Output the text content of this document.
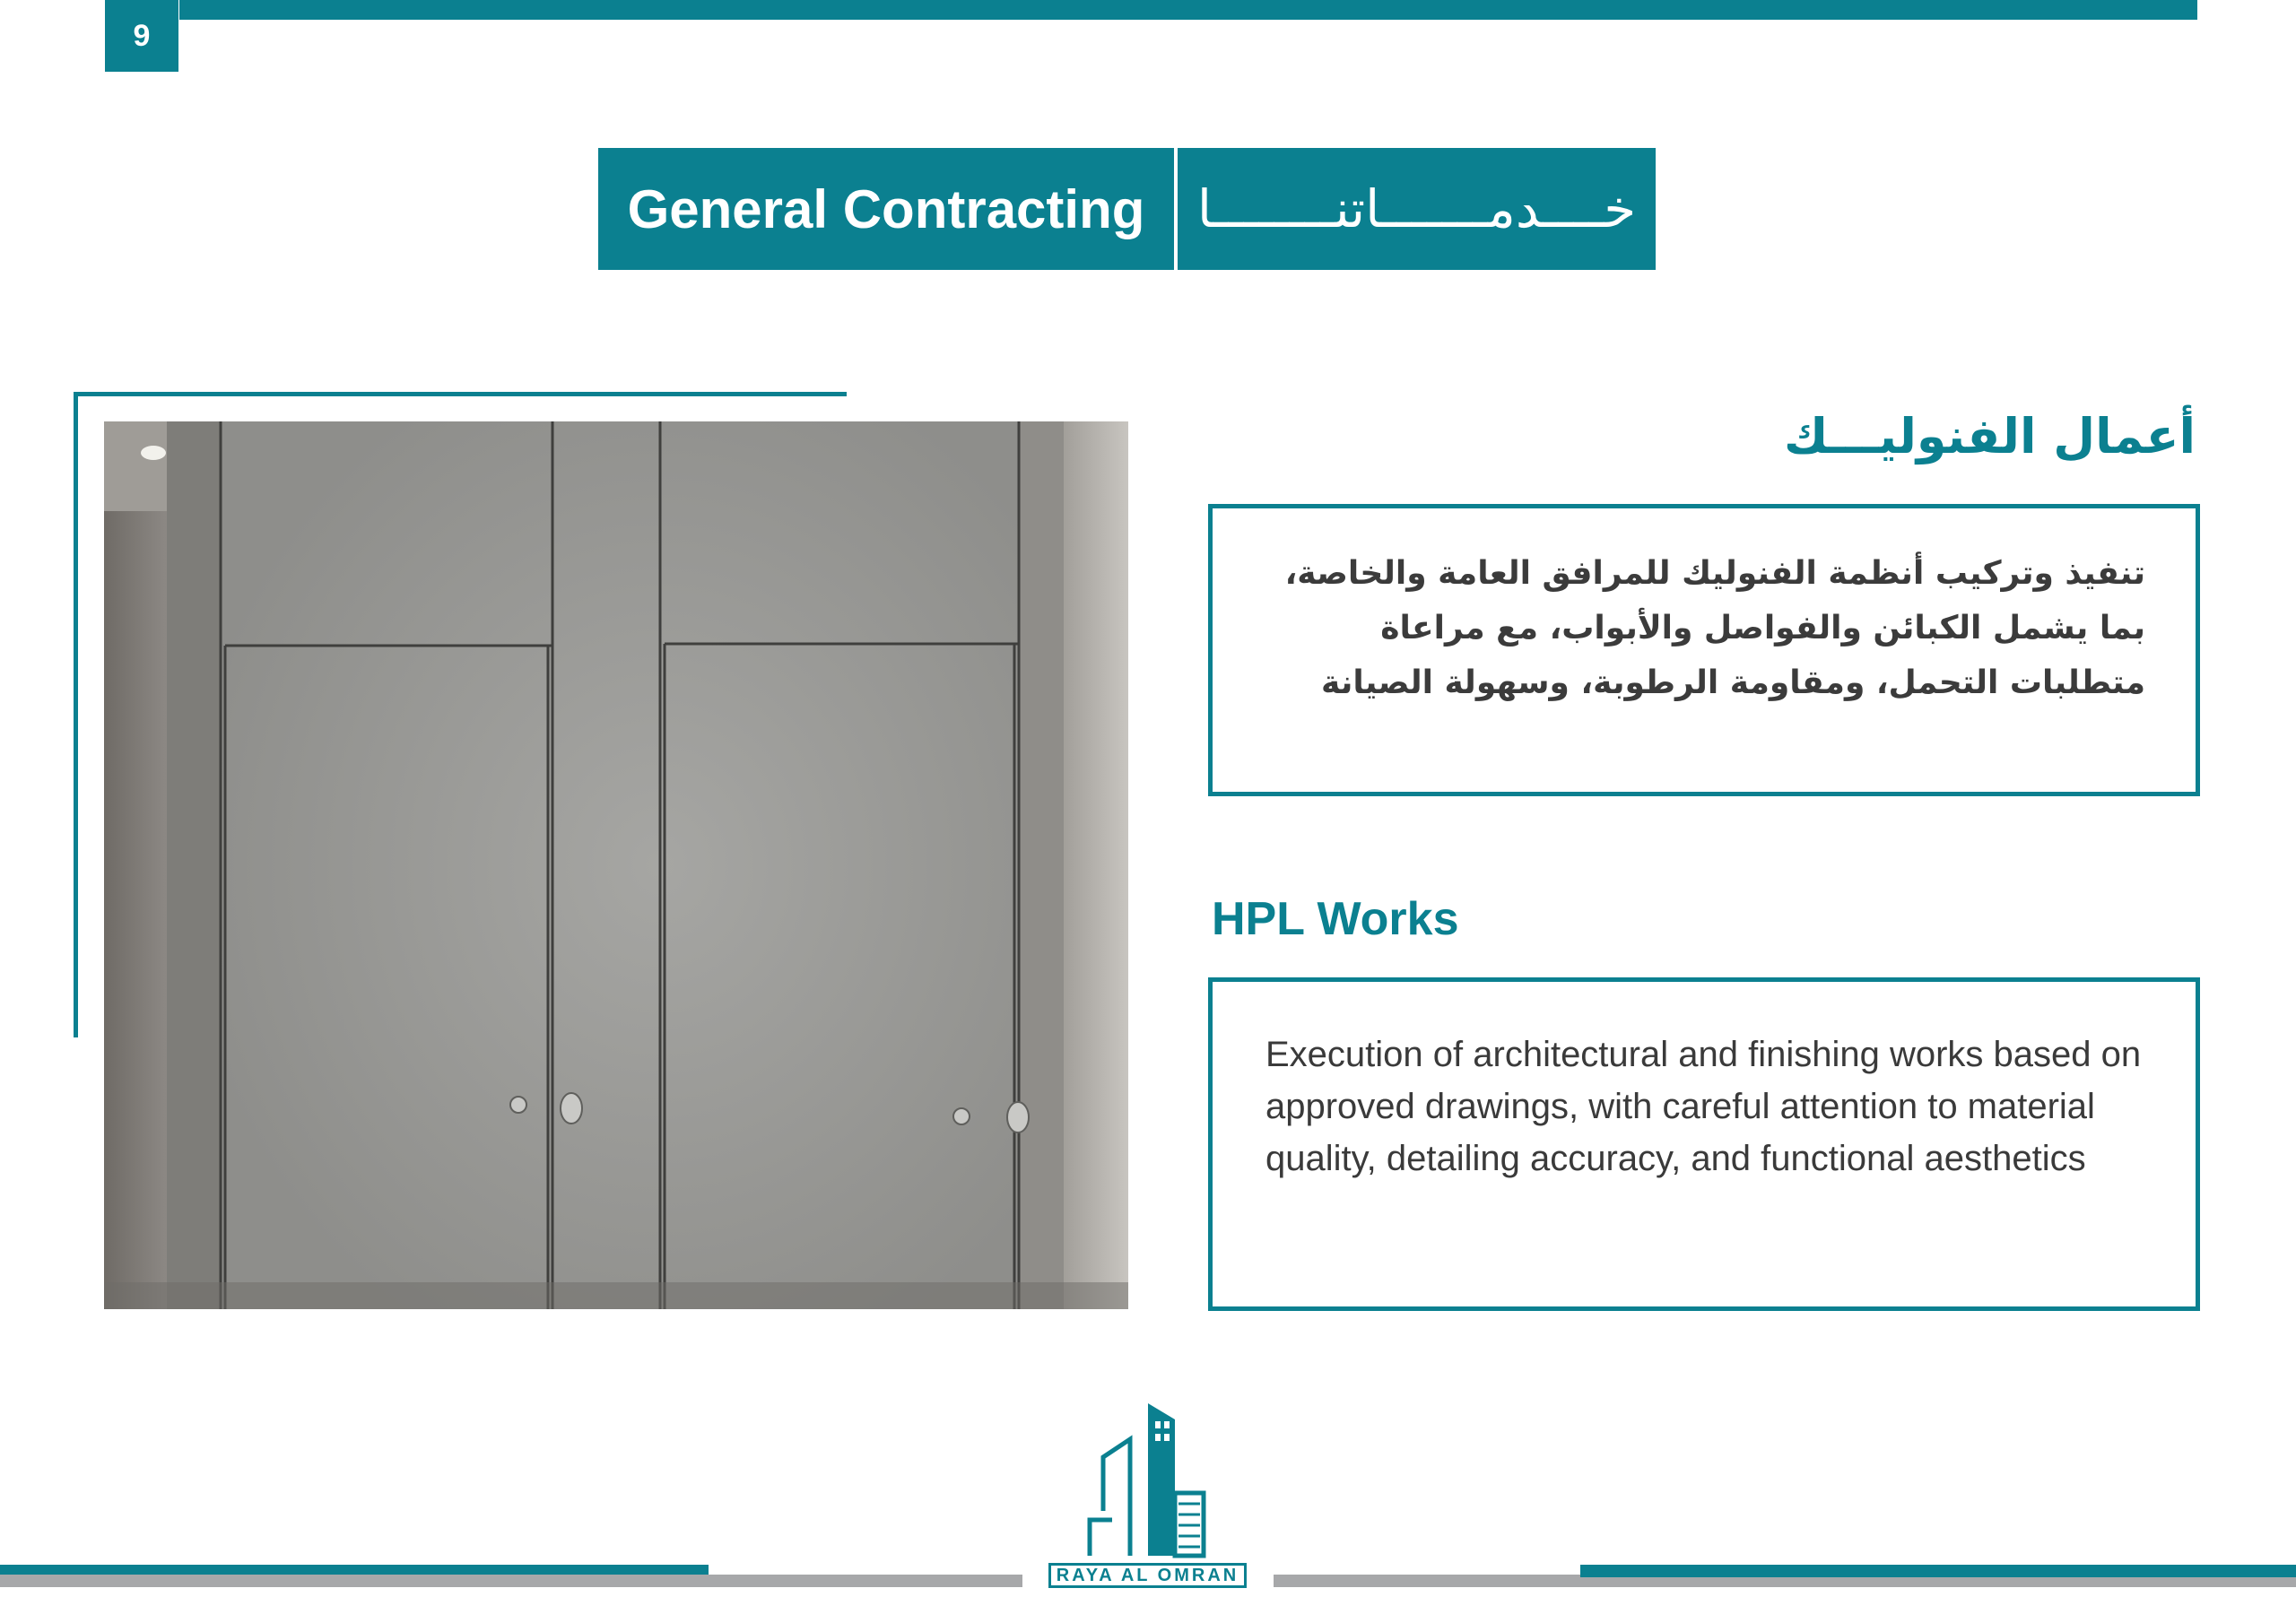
9
General Contracting	خــــدمـــــــاتنــــــــا
أعمال الفنوليـــك
تنفيذ وتركيب أنظمة الفنوليك للمرافق العامة والخاصة، بما يشمل الكبائن والفواصل والأبواب، مع مراعاة متطلبات التحمل، ومقاومة الرطوبة، وسهولة الصيانة
HPL Works
Execution of architectural and finishing works based on approved drawings, with careful attention to material quality, detailing accuracy, and functional aesthetics
RAYA AL OMRAN
